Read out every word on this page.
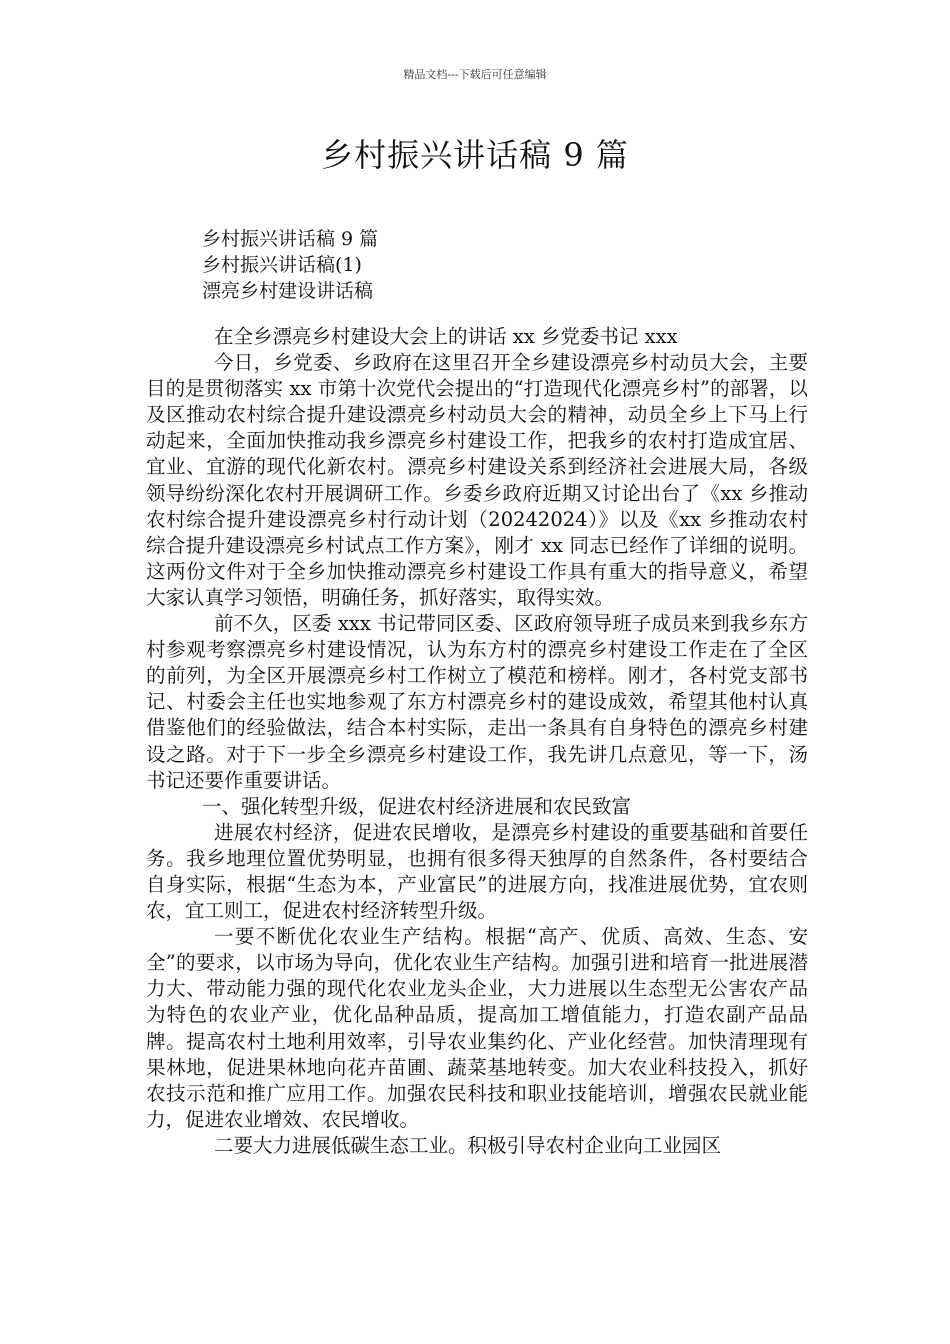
精品文档---下载后可任意编辑
乡村振兴讲话稿 9 篇
乡村振兴讲话稿 9 篇
乡村振兴讲话稿(1)
漂亮乡村建设讲话稿

在全乡漂亮乡村建设大会上的讲话 xx 乡党委书记 xxx

今日，乡党委、乡政府在这里召开全乡建设漂亮乡村动员大会，主要目的是贯彻落实 xx 市第十次党代会提出的“打造现代化漂亮乡村”的部署，以及区推动农村综合提升建设漂亮乡村动员大会的精神，动员全乡上下马上行动起来，全面加快推动我乡漂亮乡村建设工作，把我乡的农村打造成宜居、宜业、宜游的现代化新农村。漂亮乡村建设关系到经济社会进展大局，各级领导纷纷深化农村开展调研工作。乡委乡政府近期又讨论出台了《xx 乡推动农村综合提升建设漂亮乡村行动计划（20242024）》以及《xx 乡推动农村综合提升建设漂亮乡村试点工作方案》，刚才 xx 同志已经作了详细的说明。这两份文件对于全乡加快推动漂亮乡村建设工作具有重大的指导意义，希望大家认真学习领悟，明确任务，抓好落实，取得实效。

前不久，区委 xxx 书记带同区委、区政府领导班子成员来到我乡东方村参观考察漂亮乡村建设情况，认为东方村的漂亮乡村建设工作走在了全区的前列，为全区开展漂亮乡村工作树立了模范和榜样。刚才，各村党支部书记、村委会主任也实地参观了东方村漂亮乡村的建设成效，希望其他村认真借鉴他们的经验做法，结合本村实际，走出一条具有自身特色的漂亮乡村建设之路。对于下一步全乡漂亮乡村建设工作，我先讲几点意见，等一下，汤书记还要作重要讲话。

一、强化转型升级，促进农村经济进展和农民致富

进展农村经济，促进农民增收，是漂亮乡村建设的重要基础和首要任务。我乡地理位置优势明显，也拥有很多得天独厚的自然条件，各村要结合自身实际，根据“生态为本，产业富民”的进展方向，找准进展优势，宜农则农，宜工则工，促进农村经济转型升级。

一要不断优化农业生产结构。根据“高产、优质、高效、生态、安全”的要求，以市场为导向，优化农业生产结构。加强引进和培育一批进展潜力大、带动能力强的现代化农业龙头企业，大力进展以生态型无公害农产品为特色的农业产业，优化品种品质，提高加工增值能力，打造农副产品品牌。提高农村土地利用效率，引导农业集约化、产业化经营。加快清理现有果林地，促进果林地向花卉苗圃、蔬菜基地转变。加大农业科技投入，抓好农技示范和推广应用工作。加强农民科技和职业技能培训，增强农民就业能力，促进农业增效、农民增收。

二要大力进展低碳生态工业。积极引导农村企业向工业园区
